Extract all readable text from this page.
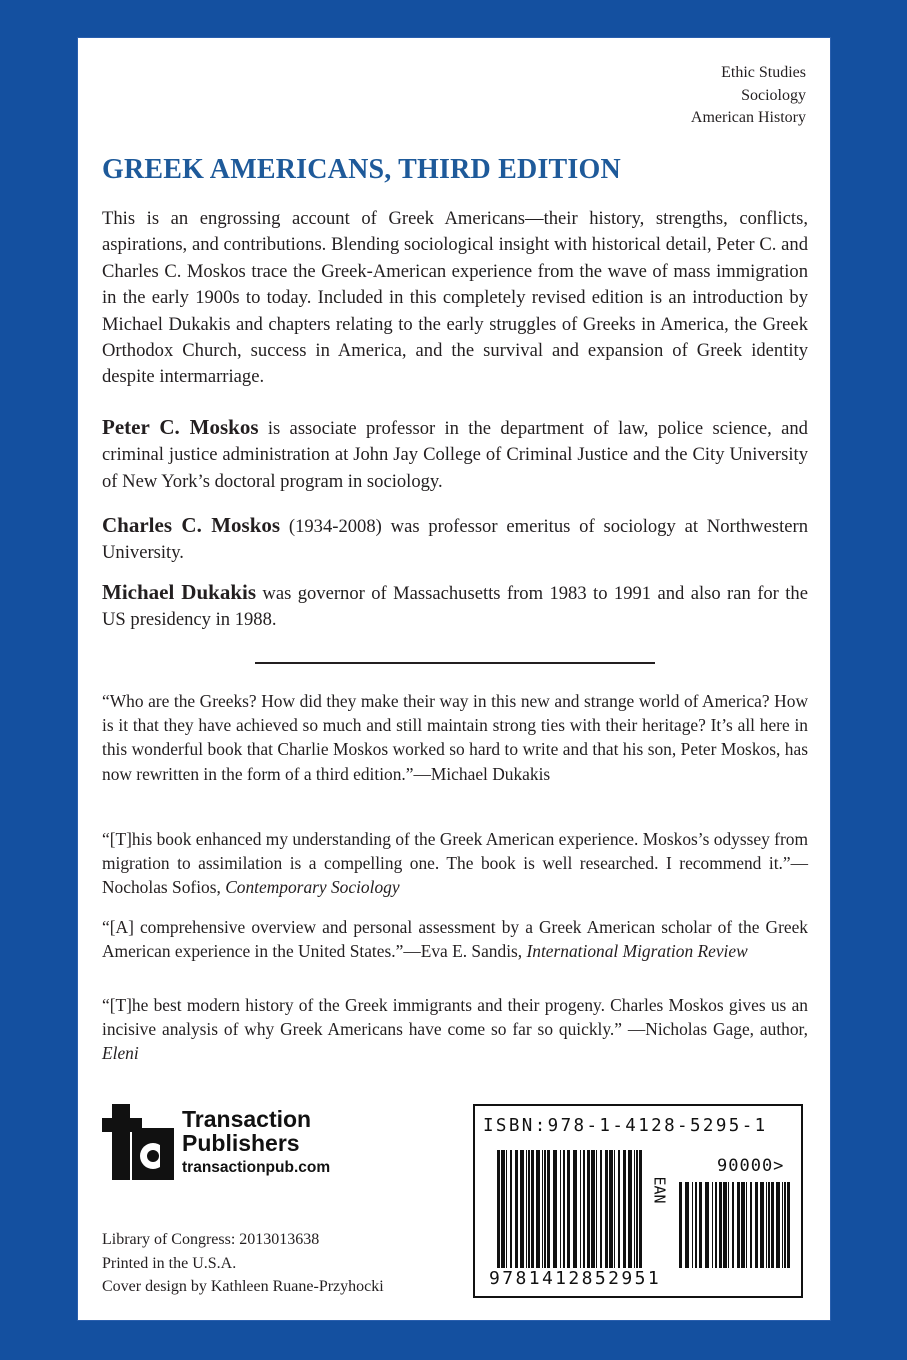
Ethic Studies
Sociology
American History
GREEK AMERICANS, THIRD EDITION
This is an engrossing account of Greek Americans—their history, strengths, conflicts, aspirations, and contributions. Blending sociological insight with historical detail, Peter C. and Charles C. Moskos trace the Greek-American experience from the wave of mass immigration in the early 1900s to today. Included in this completely revised edition is an introduction by Michael Dukakis and chapters relating to the early struggles of Greeks in America, the Greek Orthodox Church, success in America, and the survival and expansion of Greek identity despite intermarriage.
Peter C. Moskos is associate professor in the department of law, police science, and criminal justice administration at John Jay College of Criminal Justice and the City University of New York’s doctoral program in sociology.
Charles C. Moskos (1934-2008) was professor emeritus of sociology at Northwestern University.
Michael Dukakis was governor of Massachusetts from 1983 to 1991 and also ran for the US presidency in 1988.
“Who are the Greeks? How did they make their way in this new and strange world of America? How is it that they have achieved so much and still maintain strong ties with their heritage? It’s all here in this wonderful book that Charlie Moskos worked so hard to write and that his son, Peter Moskos, has now rewritten in the form of a third edition.”—Michael Dukakis
“[T]his book enhanced my understanding of the Greek American experience. Moskos’s odyssey from migration to assimilation is a compelling one. The book is well researched. I recommend it.”—Nocholas Sofios, Contemporary Sociology
“[A] comprehensive overview and personal assessment by a Greek American scholar of the Greek American experience in the United States.”—Eva E. Sandis, International Migration Review
“[T]he best modern history of the Greek immigrants and their progeny. Charles Moskos gives us an incisive analysis of why Greek Americans have come so far so quickly.” —Nicholas Gage, author, Eleni
Transaction
Publishers
transactionpub.com
Library of Congress: 2013013638
Printed in the U.S.A.
Cover design by Kathleen Ruane-Przyhocki
ISBN:978-1-4128-5295-1
EAN
90000>
9781412852951
